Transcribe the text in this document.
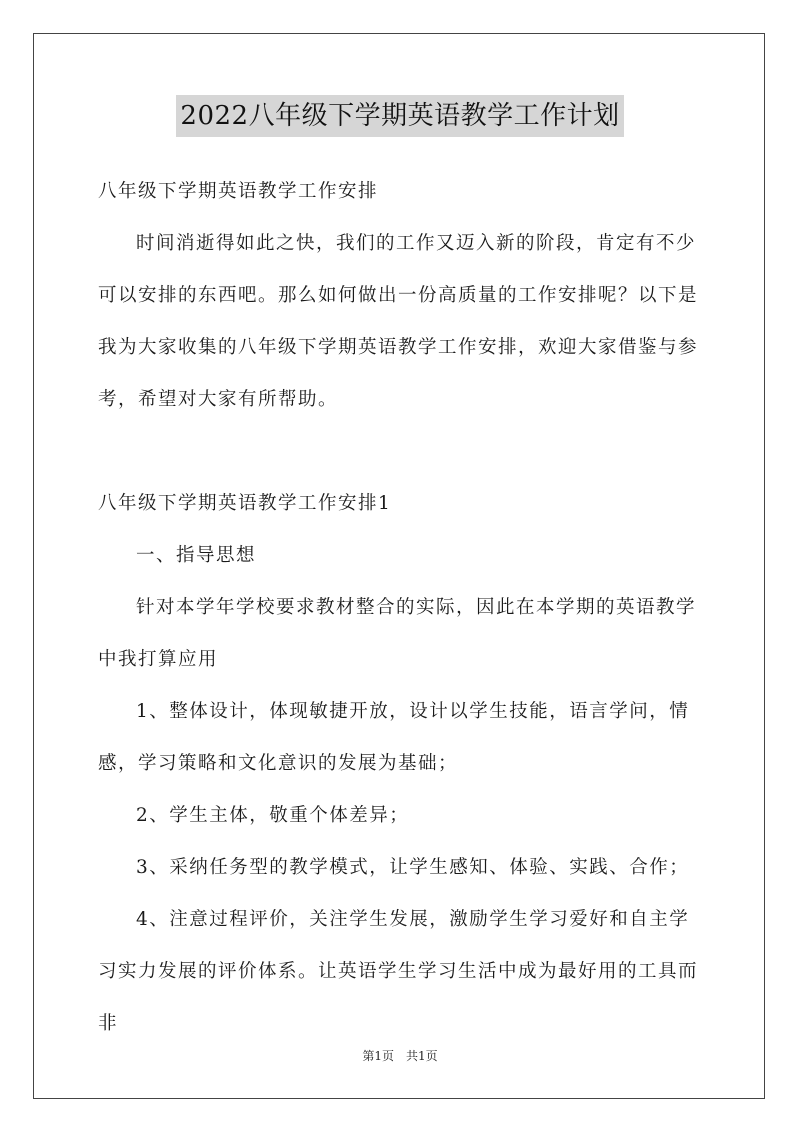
2022八年级下学期英语教学工作计划

八年级下学期英语教学工作安排

时间消逝得如此之快，我们的工作又迈入新的阶段，肯定有不少可以安排的东西吧。那么如何做出一份高质量的工作安排呢？以下是我为大家收集的八年级下学期英语教学工作安排，欢迎大家借鉴与参考，希望对大家有所帮助。

八年级下学期英语教学工作安排1

一、指导思想

针对本学年学校要求教材整合的实际，因此在本学期的英语教学中我打算应用

1、整体设计，体现敏捷开放，设计以学生技能，语言学问，情感，学习策略和文化意识的发展为基础；

2、学生主体，敬重个体差异；

3、采纳任务型的教学模式，让学生感知、体验、实践、合作；

4、注意过程评价，关注学生发展，激励学生学习爱好和自主学习实力发展的评价体系。让英语学生学习生活中成为最好用的工具而非

第1页 共1页
